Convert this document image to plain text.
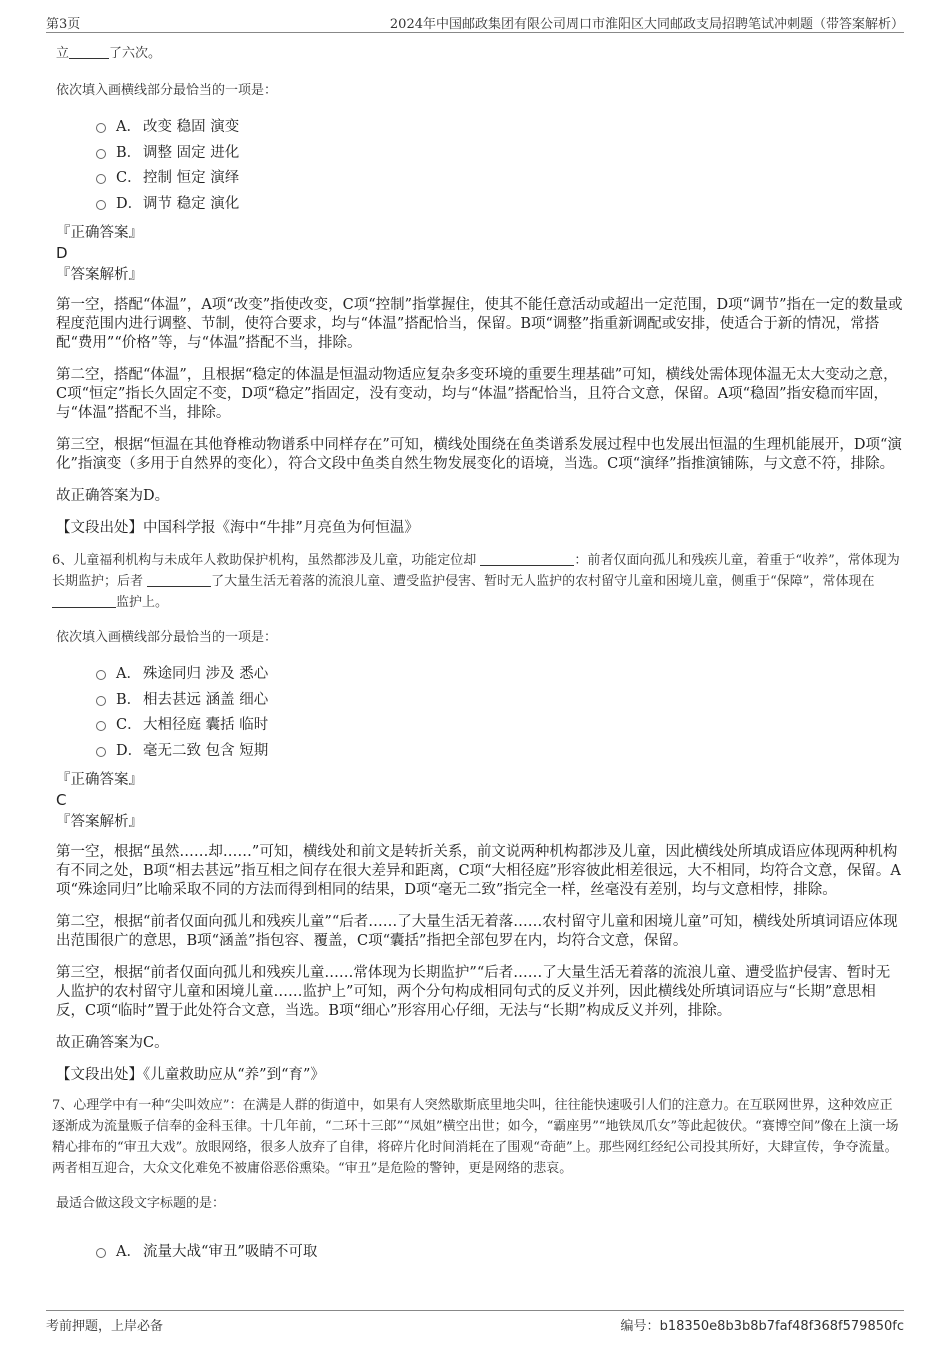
第3页	2024年中国邮政集团有限公司周口市淮阳区大同邮政支局招聘笔试冲刺题（带答案解析）

立	了六次。

依次填入画横线部分最恰当的一项是：

A． 改变 稳固 演变
B． 调整 固定 进化
C． 控制 恒定 演绎
D． 调节 稳定 演化

『正确答案』

D

『答案解析』

第一空，搭配“体温”，A项“改变”指使改变，C项“控制”指掌握住，使其不能任意活动或超出一定范围，D项“调节”指在一定的数量或程度范围内进行调整、节制，使符合要求，均与“体温”搭配恰当，保留。B项“调整”指重新调配或安排，使适合于新的情况，常搭配“费用”“价格”等，与“体温”搭配不当，排除。

第二空，搭配“体温”，且根据“稳定的体温是恒温动物适应复杂多变环境的重要生理基础”可知，横线处需体现体温无太大变动之意，C项“恒定”指长久固定不变，D项“稳定”指固定，没有变动，均与“体温”搭配恰当，且符合文意，保留。A项“稳固”指安稳而牢固，与“体温”搭配不当，排除。

第三空，根据“恒温在其他脊椎动物谱系中同样存在”可知，横线处围绕在鱼类谱系发展过程中也发展出恒温的生理机能展开，D项“演化”指演变（多用于自然界的变化），符合文段中鱼类自然生物发展变化的语境，当选。C项“演绎”指推演铺陈，与文意不符，排除。

故正确答案为D。

【文段出处】中国科学报《海中“牛排”月亮鱼为何恒温》

6、儿童福利机构与未成年人救助保护机构，虽然都涉及儿童，功能定位却	：前者仅面向孤儿和残疾儿童，着重于“收养”，常体现为长期监护；后者	了大量生活无着落的流浪儿童、遭受监护侵害、暂时无人监护的农村留守儿童和困境儿童，侧重于“保障”，常体现在 监护上。

依次填入画横线部分最恰当的一项是：

A． 殊途同归 涉及 悉心
B． 相去甚远 涵盖 细心
C． 大相径庭 囊括 临时
D． 毫无二致 包含 短期

『正确答案』

C

『答案解析』

第一空，根据“虽然……却……”可知，横线处和前文是转折关系，前文说两种机构都涉及儿童，因此横线处所填成语应体现两种机构有不同之处，B项“相去甚远”指互相之间存在很大差异和距离，C项“大相径庭”形容彼此相差很远，大不相同，均符合文意，保留。A项“殊途同归”比喻采取不同的方法而得到相同的结果，D项“毫无二致”指完全一样，丝毫没有差别，均与文意相悖，排除。

第二空，根据“前者仅面向孤儿和残疾儿童”“后者……了大量生活无着落……农村留守儿童和困境儿童”可知，横线处所填词语应体现出范围很广的意思，B项“涵盖”指包容、覆盖，C项“囊括”指把全部包罗在内，均符合文意，保留。

第三空，根据“前者仅面向孤儿和残疾儿童……常体现为长期监护”“后者……了大量生活无着落的流浪儿童、遭受监护侵害、暂时无人监护的农村留守儿童和困境儿童……监护上”可知，两个分句构成相同句式的反义并列，因此横线处所填词语应与“长期”意思相反，C项“临时”置于此处符合文意，当选。B项“细心”形容用心仔细，无法与“长期”构成反义并列，排除。

故正确答案为C。

【文段出处】《儿童救助应从“养”到“育”》

7、心理学中有一种“尖叫效应”：在满是人群的街道中，如果有人突然歇斯底里地尖叫，往往能快速吸引人们的注意力。在互联网世界，这种效应正逐渐成为流量贩子信奉的金科玉律。十几年前，“二环十三郎”“凤姐”横空出世；如今，“霸座男”“地铁凤爪女”等此起彼伏。“赛博空间”像在上演一场精心排布的“审丑大戏”。放眼网络，很多人放弃了自律，将碎片化时间消耗在了围观“奇葩”上。那些网红经纪公司投其所好，大肆宣传，争夺流量。两者相互迎合，大众文化难免不被庸俗恶俗熏染。“审丑”是危险的警钟，更是网络的悲哀。

最适合做这段文字标题的是：

A． 流量大战“审丑”吸睛不可取
考前押题，上岸必备	编号：b18350e8b3b8b7faf48f368f579850fc
